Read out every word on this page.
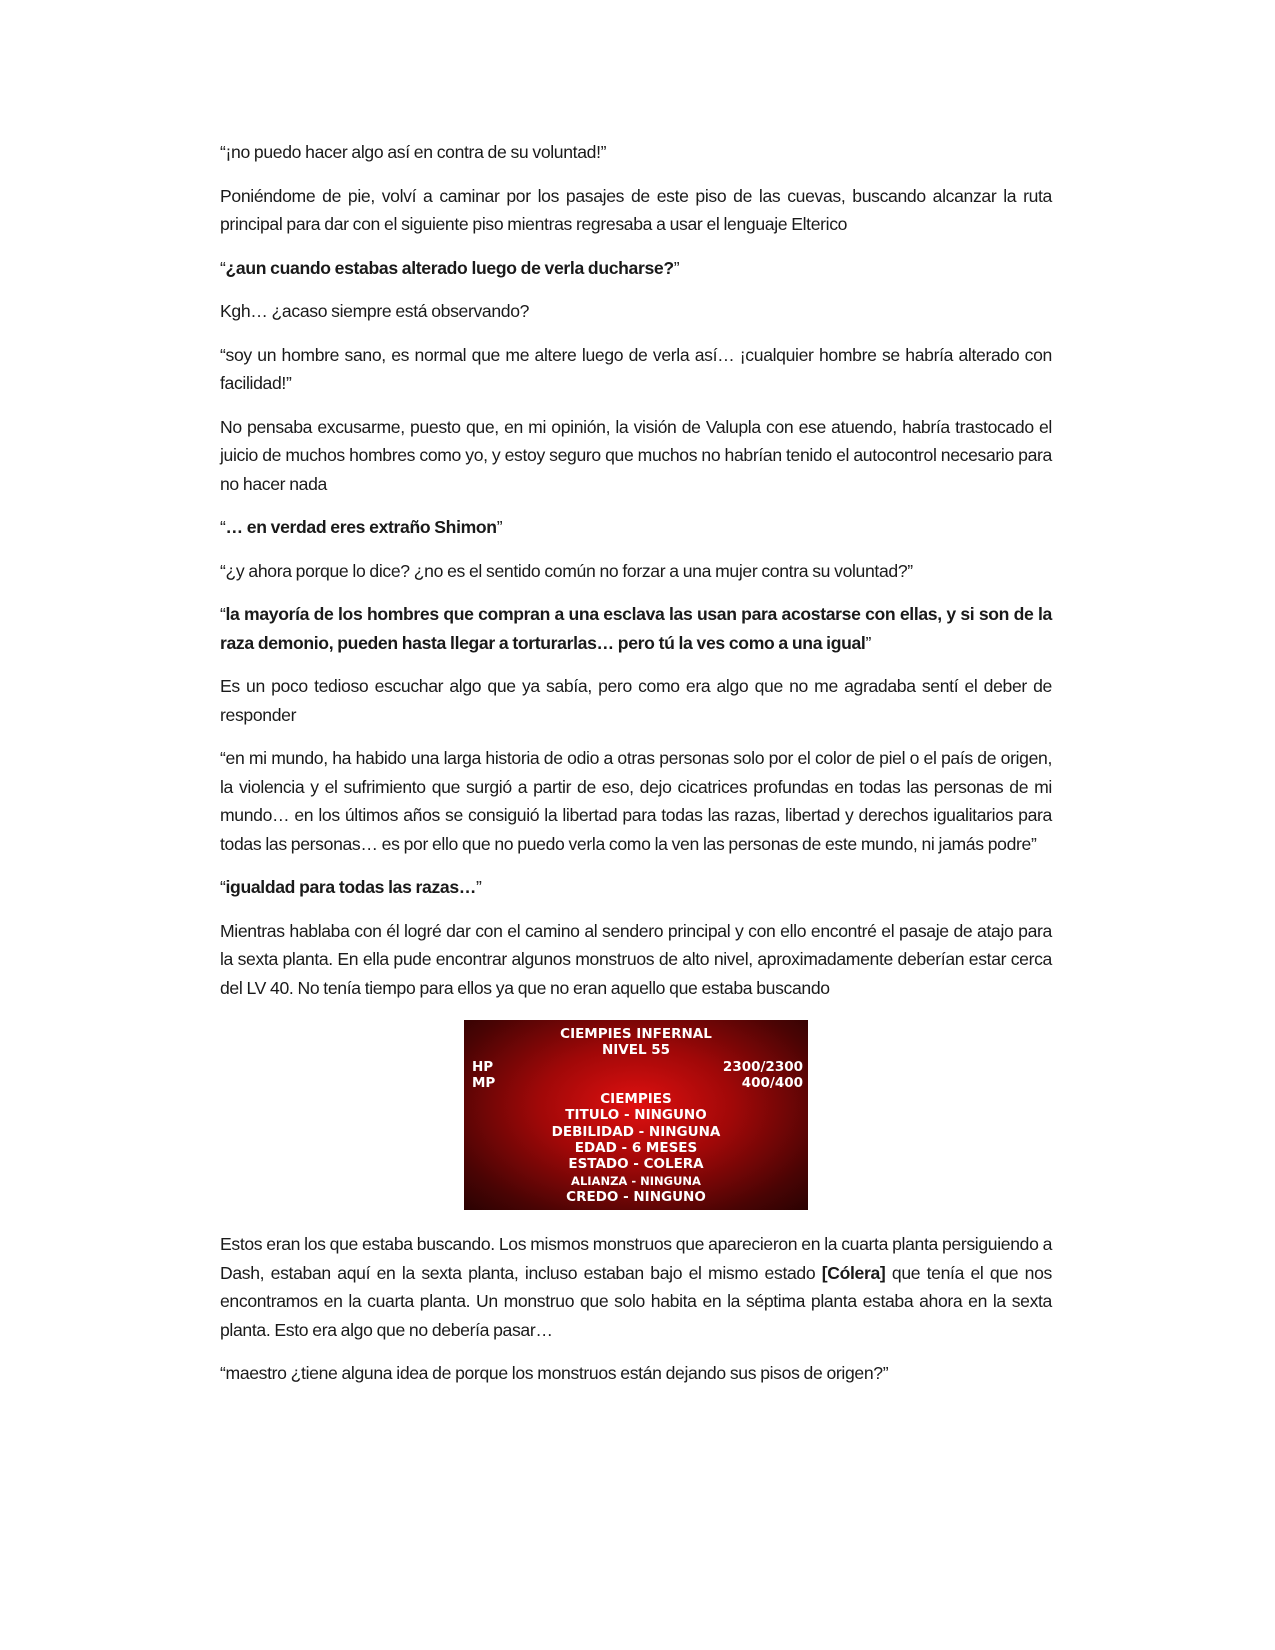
“¡no puedo hacer algo así en contra de su voluntad!”

Poniéndome de pie, volví a caminar por los pasajes de este piso de las cuevas, buscando alcanzar la ruta principal para dar con el siguiente piso mientras regresaba a usar el lenguaje Elterico

“¿aun cuando estabas alterado luego de verla ducharse?”

Kgh… ¿acaso siempre está observando?

“soy un hombre sano, es normal que me altere luego de verla así… ¡cualquier hombre se habría alterado con facilidad!”

No pensaba excusarme, puesto que, en mi opinión, la visión de Valupla con ese atuendo, habría trastocado el juicio de muchos hombres como yo, y estoy seguro que muchos no habrían tenido el autocontrol necesario para no hacer nada

“… en verdad eres extraño Shimon”

“¿y ahora porque lo dice? ¿no es el sentido común no forzar a una mujer contra su voluntad?”

“la mayoría de los hombres que compran a una esclava las usan para acostarse con ellas, y si son de la raza demonio, pueden hasta llegar a torturarlas… pero tú la ves como a una igual”

Es un poco tedioso escuchar algo que ya sabía, pero como era algo que no me agradaba sentí el deber de responder

“en mi mundo, ha habido una larga historia de odio a otras personas solo por el color de piel o el país de origen, la violencia y el sufrimiento que surgió a partir de eso, dejo cicatrices profundas en todas las personas de mi mundo… en los últimos años se consiguió la libertad para todas las razas, libertad y derechos igualitarios para todas las personas… es por ello que no puedo verla como la ven las personas de este mundo, ni jamás podre”

“igualdad para todas las razas…”

Mientras hablaba con él logré dar con el camino al sendero principal y con ello encontré el pasaje de atajo para la sexta planta. En ella pude encontrar algunos monstruos de alto nivel, aproximadamente deberían estar cerca del LV 40. No tenía tiempo para ellos ya que no eran aquello que estaba buscando

CIEMPIES INFERNAL
NIVEL 55
HP	2300/2300
MP	400/400
CIEMPIES
TITULO - NINGUNO
DEBILIDAD - NINGUNA
EDAD - 6 MESES
ESTADO - COLERA
ALIANZA - NINGUNA
CREDO - NINGUNO

Estos eran los que estaba buscando. Los mismos monstruos que aparecieron en la cuarta planta persiguiendo a Dash, estaban aquí en la sexta planta, incluso estaban bajo el mismo estado [Cólera] que tenía el que nos encontramos en la cuarta planta. Un monstruo que solo habita en la séptima planta estaba ahora en la sexta planta. Esto era algo que no debería pasar…

“maestro ¿tiene alguna idea de porque los monstruos están dejando sus pisos de origen?”
